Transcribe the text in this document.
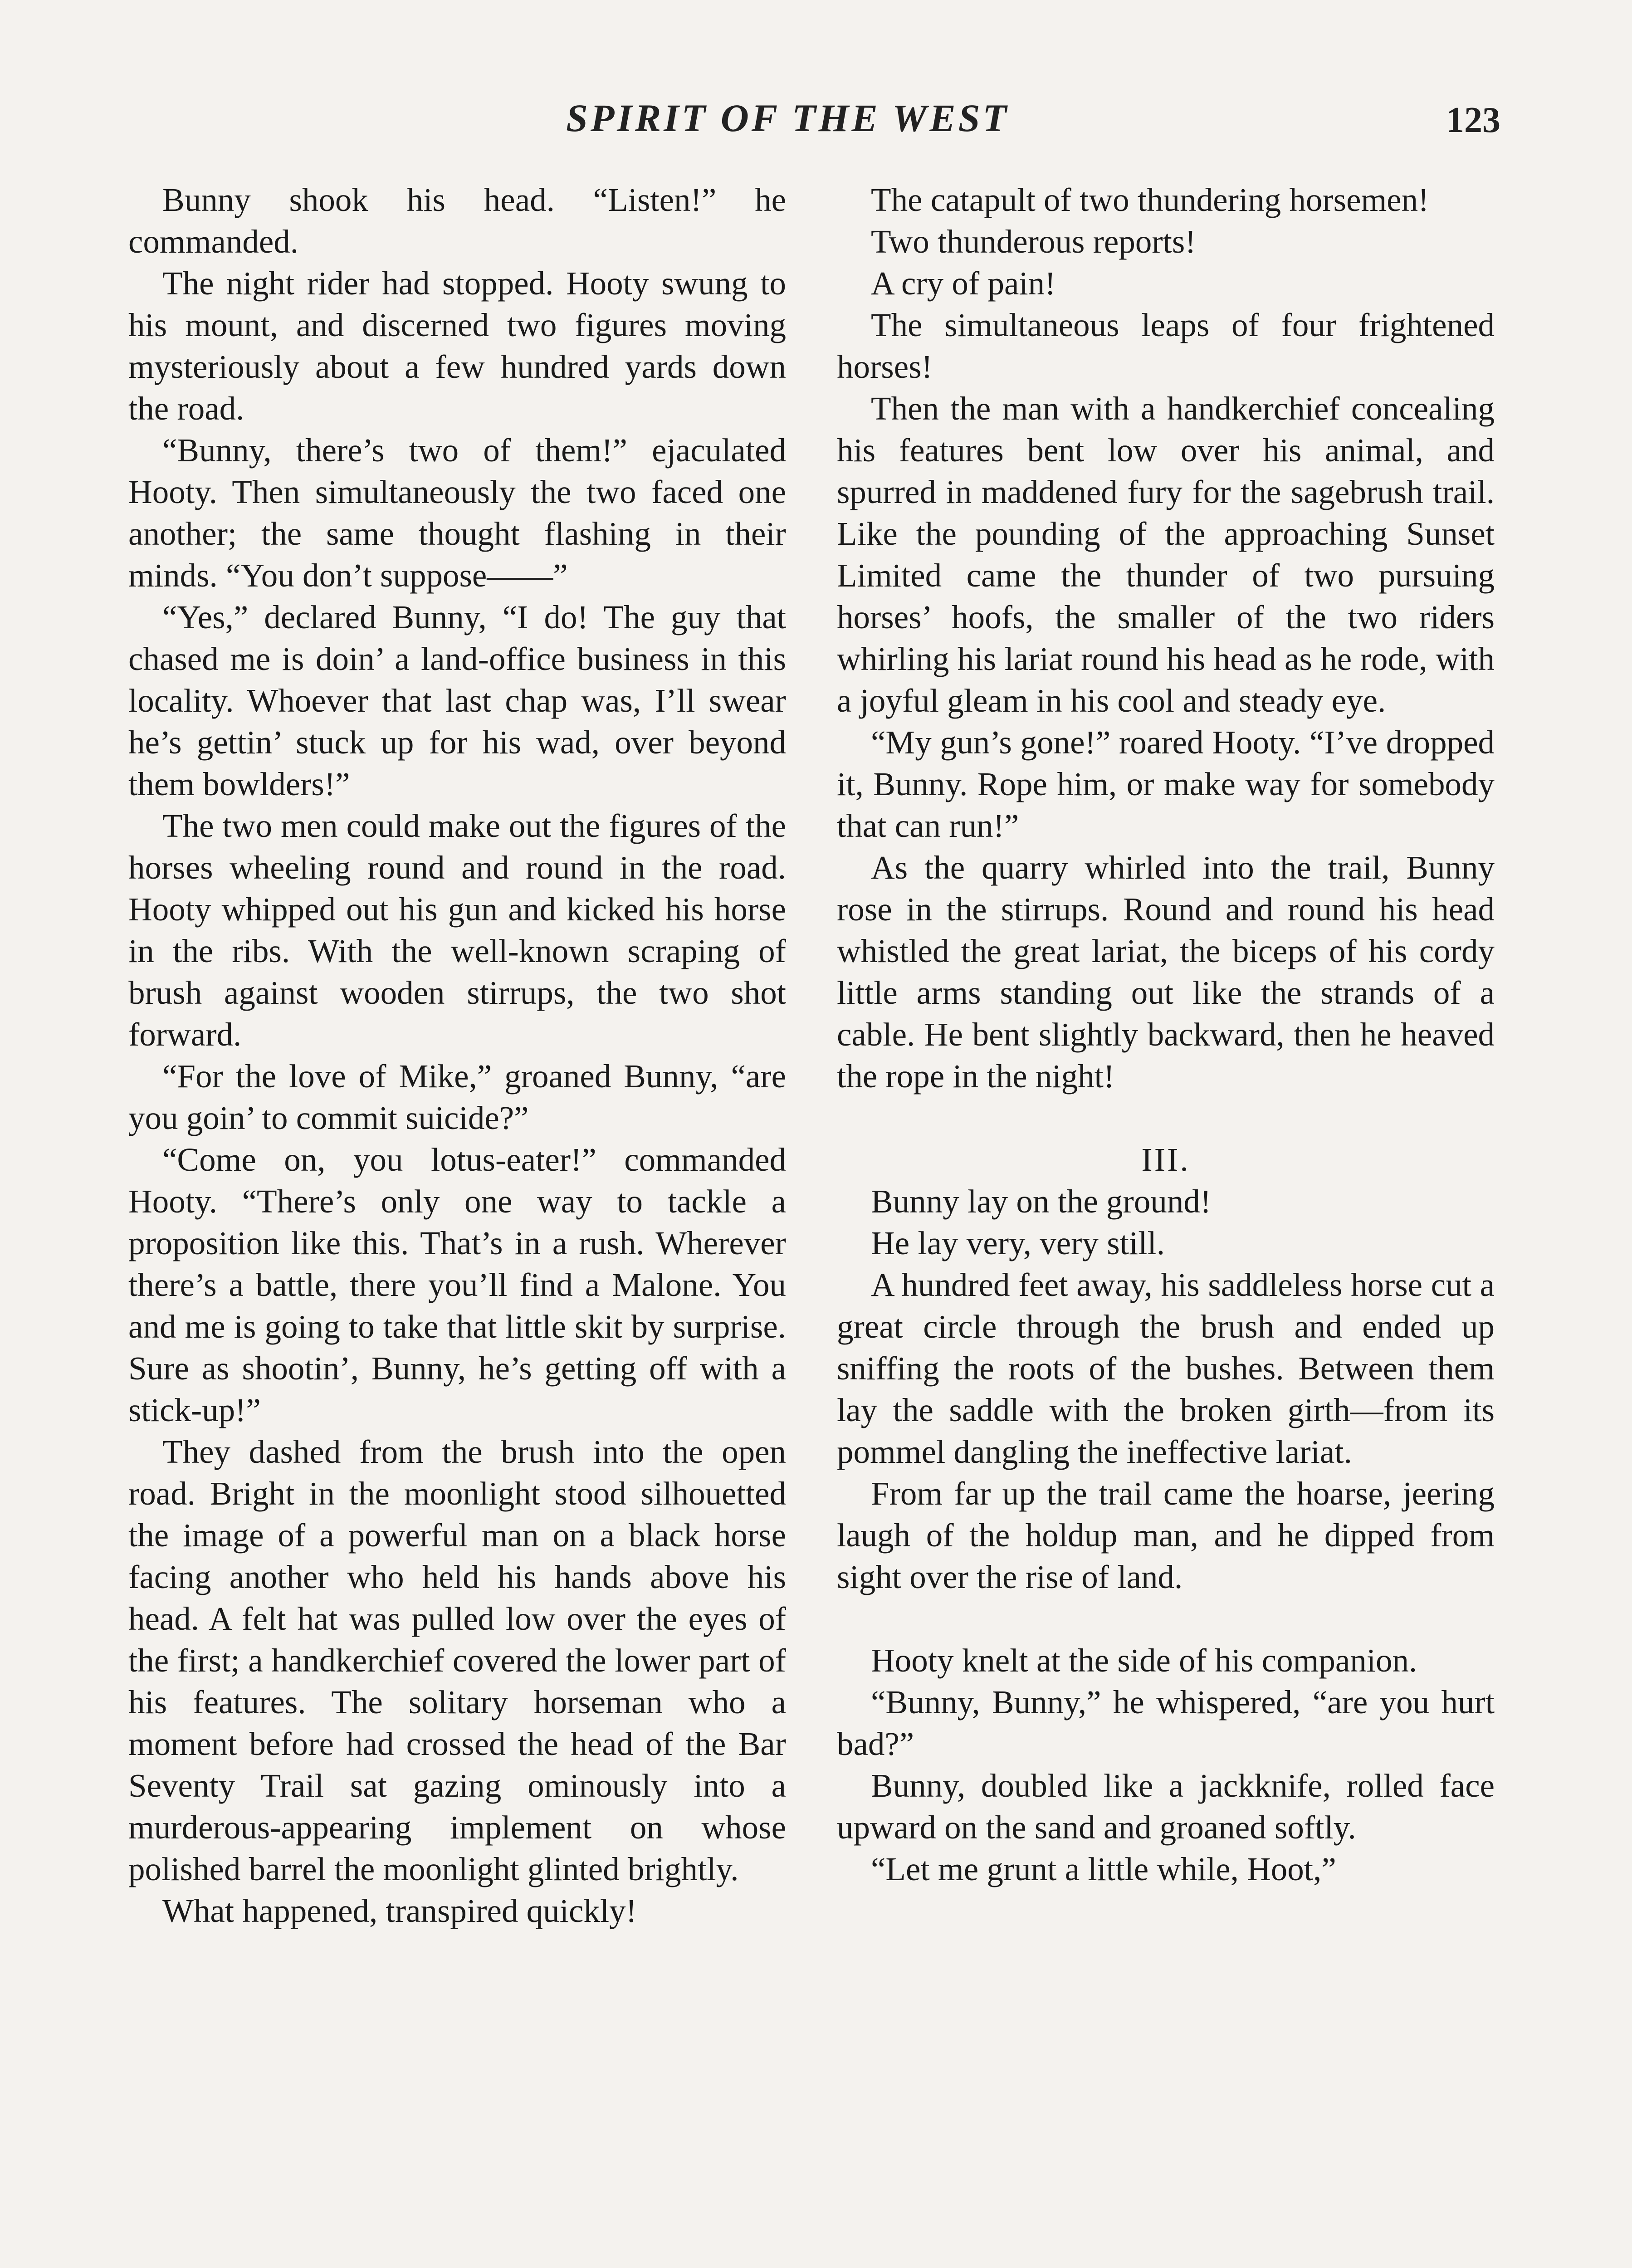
SPIRIT OF THE WEST	123

Bunny shook his head. “Listen!” he commanded.

The night rider had stopped. Hooty swung to his mount, and discerned two figures moving mysteriously about a few hundred yards down the road.

“Bunny, there’s two of them!” ejaculated Hooty. Then simultaneously the two faced one another; the same thought flashing in their minds. “You don’t suppose——”

“Yes,” declared Bunny, “I do! The guy that chased me is doin’ a land-office business in this locality. Whoever that last chap was, I’ll swear he’s gettin’ stuck up for his wad, over beyond them bowlders!”

The two men could make out the figures of the horses wheeling round and round in the road. Hooty whipped out his gun and kicked his horse in the ribs. With the well-known scraping of brush against wooden stirrups, the two shot forward.

“For the love of Mike,” groaned Bunny, “are you goin’ to commit suicide?”

“Come on, you lotus-eater!” commanded Hooty. “There’s only one way to tackle a proposition like this. That’s in a rush. Wherever there’s a battle, there you’ll find a Malone. You and me is going to take that little skit by surprise. Sure as shootin’, Bunny, he’s getting off with a stick-up!”

They dashed from the brush into the open road. Bright in the moonlight stood silhouetted the image of a powerful man on a black horse facing another who held his hands above his head. A felt hat was pulled low over the eyes of the first; a handkerchief covered the lower part of his features. The solitary horseman who a moment before had crossed the head of the Bar Seventy Trail sat gazing ominously into a murderous-appearing implement on whose polished barrel the moonlight glinted brightly.

What happened, transpired quickly!

The catapult of two thundering horsemen!

Two thunderous reports!

A cry of pain!

The simultaneous leaps of four frightened horses!

Then the man with a handkerchief concealing his features bent low over his animal, and spurred in maddened fury for the sagebrush trail. Like the pounding of the approaching Sunset Limited came the thunder of two pursuing horses’ hoofs, the smaller of the two riders whirling his lariat round his head as he rode, with a joyful gleam in his cool and steady eye.

“My gun’s gone!” roared Hooty. “I’ve dropped it, Bunny. Rope him, or make way for somebody that can run!”

As the quarry whirled into the trail, Bunny rose in the stirrups. Round and round his head whistled the great lariat, the biceps of his cordy little arms standing out like the strands of a cable. He bent slightly backward, then he heaved the rope in the night!

III.

Bunny lay on the ground!

He lay very, very still.

A hundred feet away, his saddleless horse cut a great circle through the brush and ended up sniffing the roots of the bushes. Between them lay the saddle with the broken girth—from its pommel dangling the ineffective lariat.

From far up the trail came the hoarse, jeering laugh of the holdup man, and he dipped from sight over the rise of land.

Hooty knelt at the side of his companion.

“Bunny, Bunny,” he whispered, “are you hurt bad?”

Bunny, doubled like a jackknife, rolled face upward on the sand and groaned softly.

“Let me grunt a little while, Hoot,”
